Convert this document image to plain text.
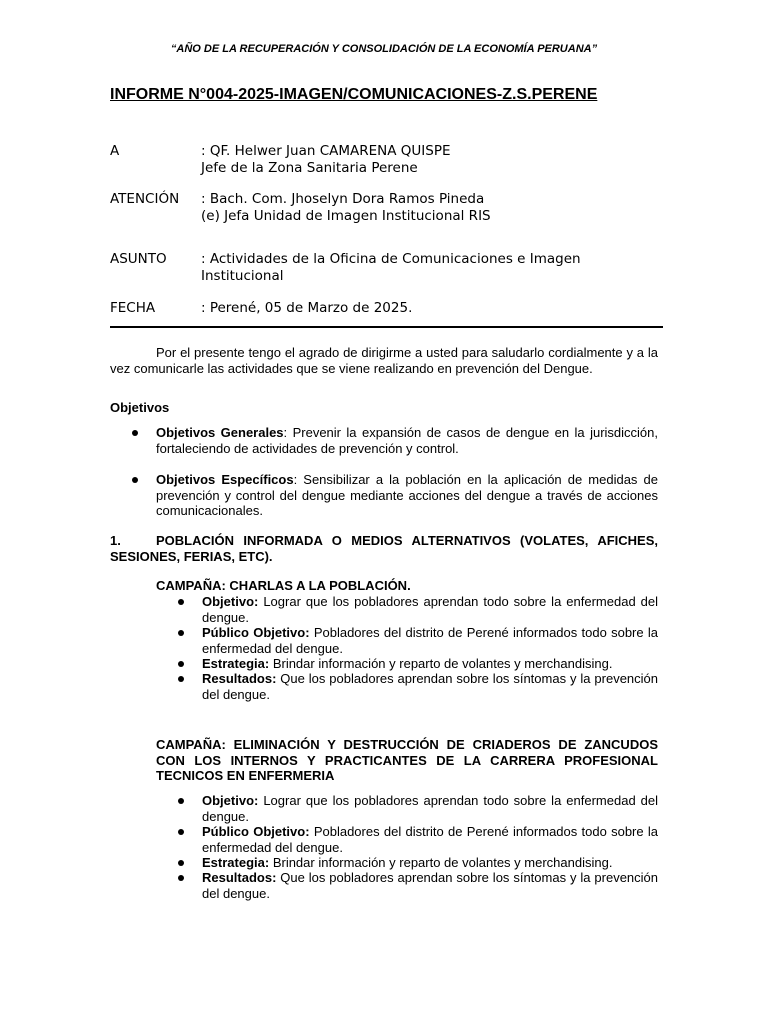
“AÑO DE LA RECUPERACIÓN Y CONSOLIDACIÓN DE LA ECONOMÍA PERUANA”
INFORME N°004-2025-IMAGEN/COMUNICACIONES-Z.S.PERENE
A	: QF. Helwer Juan CAMARENA QUISPE
Jefe de la Zona Sanitaria Perene
ATENCIÓN : Bach. Com. Jhoselyn Dora Ramos Pineda
(e) Jefa Unidad de Imagen Institucional RIS
ASUNTO	: Actividades de la Oficina de Comunicaciones e Imagen
Institucional
FECHA	: Perené, 05 de Marzo de 2025.
Por el presente tengo el agrado de dirigirme a usted para saludarlo cordialmente y a la vez comunicarle las actividades que se viene realizando en prevención del Dengue.
Objetivos
Objetivos Generales: Prevenir la expansión de casos de dengue en la jurisdicción, fortaleciendo de actividades de prevención y control.
Objetivos Específicos: Sensibilizar a la población en la aplicación de medidas de prevención y control del dengue mediante acciones del dengue a través de acciones comunicacionales.
1.	POBLACIÓN INFORMADA O MEDIOS ALTERNATIVOS (VOLATES, AFICHES, SESIONES, FERIAS, ETC).
CAMPAÑA: CHARLAS A LA POBLACIÓN.
Objetivo: Lograr que los pobladores aprendan todo sobre la enfermedad del dengue.
Público Objetivo: Pobladores del distrito de Perené informados todo sobre la enfermedad del dengue.
Estrategia: Brindar información y reparto de volantes y merchandising.
Resultados: Que los pobladores aprendan sobre los síntomas y la prevención del dengue.
CAMPAÑA: ELIMINACIÓN Y DESTRUCCIÓN DE CRIADEROS DE ZANCUDOS CON LOS INTERNOS Y PRACTICANTES DE LA CARRERA PROFESIONAL TECNICOS EN ENFERMERIA
Objetivo: Lograr que los pobladores aprendan todo sobre la enfermedad del dengue.
Público Objetivo: Pobladores del distrito de Perené informados todo sobre la enfermedad del dengue.
Estrategia: Brindar información y reparto de volantes y merchandising.
Resultados: Que los pobladores aprendan sobre los síntomas y la prevención del dengue.
